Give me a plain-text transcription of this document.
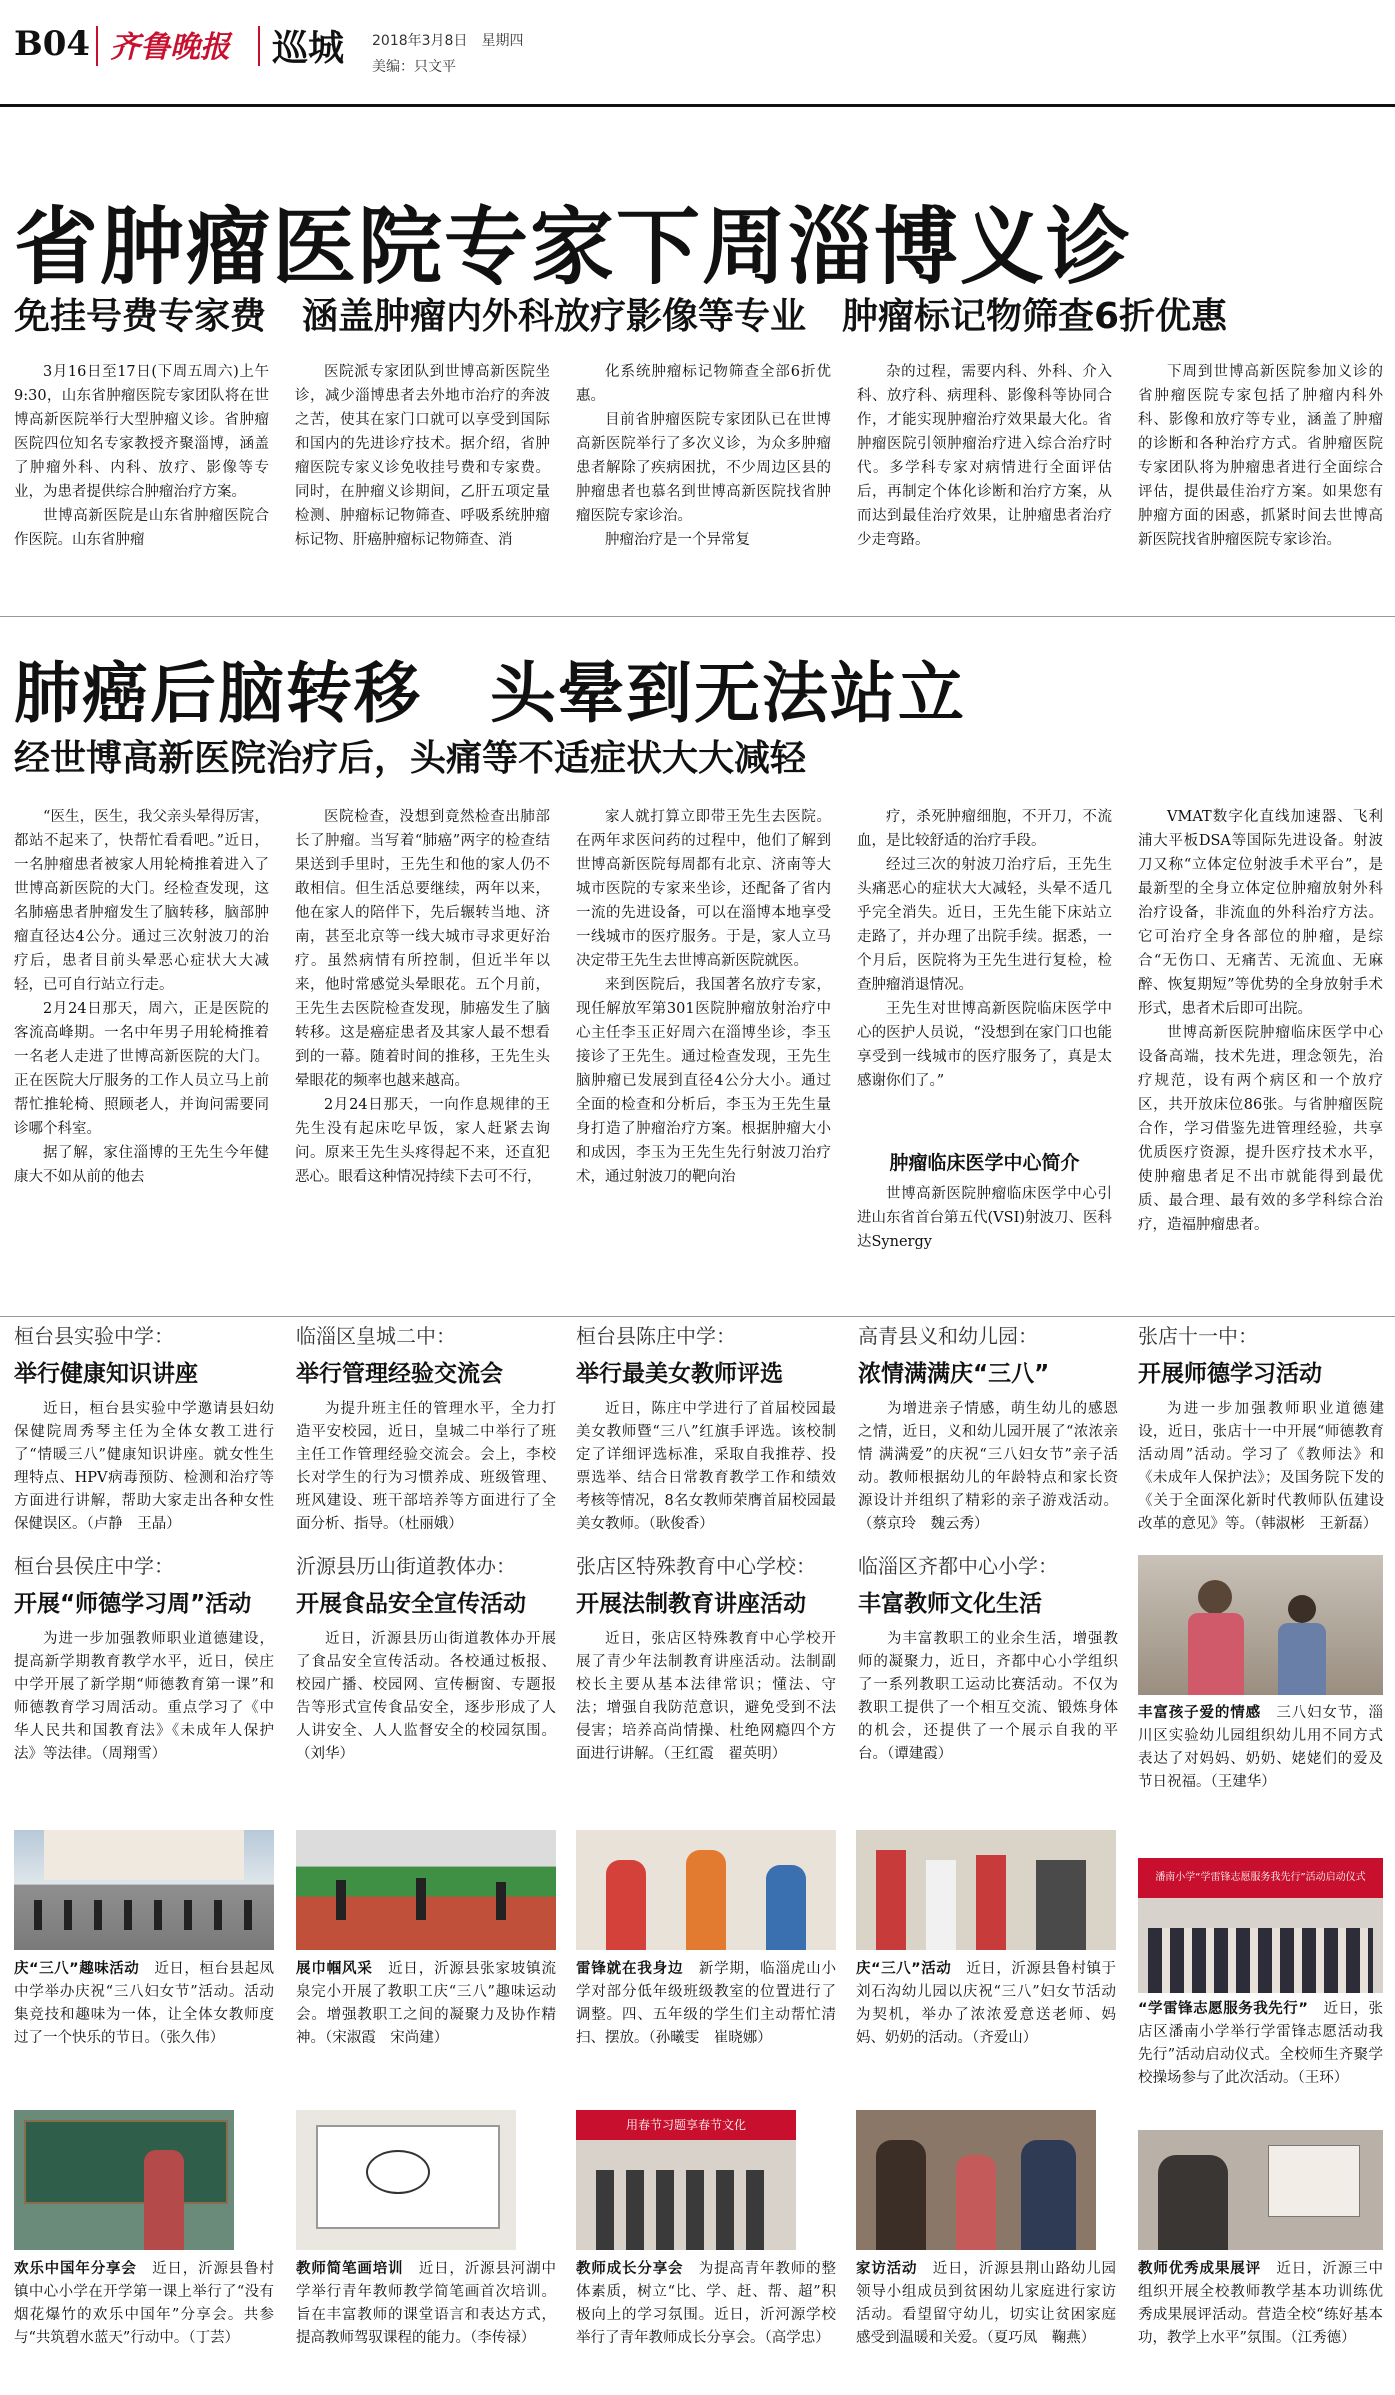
B04 齐鲁晚报 巡城 2018年3月8日　星期四
美编：只文平
省肿瘤医院专家下周淄博义诊
免挂号费专家费　涵盖肿瘤内外科放疗影像等专业　肿瘤标记物筛查6折优惠

3月16日至17日(下周五周六)上午9:30，山东省肿瘤医院专家团队将在世博高新医院举行大型肿瘤义诊。省肿瘤医院四位知名专家教授齐聚淄博，涵盖了肿瘤外科、内科、放疗、影像等专业，为患者提供综合肿瘤治疗方案。

世博高新医院是山东省肿瘤医院合作医院。山东省肿瘤

医院派专家团队到世博高新医院坐诊，减少淄博患者去外地市治疗的奔波之苦，使其在家门口就可以享受到国际和国内的先进诊疗技术。据介绍，省肿瘤医院专家义诊免收挂号费和专家费。同时，在肿瘤义诊期间，乙肝五项定量检测、肿瘤标记物筛查、呼吸系统肿瘤标记物、肝癌肿瘤标记物筛查、消

化系统肿瘤标记物筛查全部6折优惠。

目前省肿瘤医院专家团队已在世博高新医院举行了多次义诊，为众多肿瘤患者解除了疾病困扰，不少周边区县的肿瘤患者也慕名到世博高新医院找省肿瘤医院专家诊治。

肿瘤治疗是一个异常复

杂的过程，需要内科、外科、介入科、放疗科、病理科、影像科等协同合作，才能实现肿瘤治疗效果最大化。省肿瘤医院引领肿瘤治疗进入综合治疗时代。多学科专家对病情进行全面评估后，再制定个体化诊断和治疗方案，从而达到最佳治疗效果，让肿瘤患者治疗少走弯路。

下周到世博高新医院参加义诊的省肿瘤医院专家包括了肿瘤内科外科、影像和放疗等专业，涵盖了肿瘤的诊断和各种治疗方式。省肿瘤医院专家团队将为肿瘤患者进行全面综合评估，提供最佳治疗方案。如果您有肿瘤方面的困惑，抓紧时间去世博高新医院找省肿瘤医院专家诊治。

肺癌后脑转移　头晕到无法站立
经世博高新医院治疗后，头痛等不适症状大大减轻

“医生，医生，我父亲头晕得厉害，都站不起来了，快帮忙看看吧。”近日，一名肿瘤患者被家人用轮椅推着进入了世博高新医院的大门。经检查发现，这名肺癌患者肿瘤发生了脑转移，脑部肿瘤直径达4公分。通过三次射波刀的治疗后，患者目前头晕恶心症状大大减轻，已可自行站立行走。

2月24日那天，周六，正是医院的客流高峰期。一名中年男子用轮椅推着一名老人走进了世博高新医院的大门。正在医院大厅服务的工作人员立马上前帮忙推轮椅、照顾老人，并询问需要同诊哪个科室。

据了解，家住淄博的王先生今年健康大不如从前的他去

医院检查，没想到竟然检查出肺部长了肿瘤。当写着“肺癌”两字的检查结果送到手里时，王先生和他的家人仍不敢相信。但生活总要继续，两年以来，他在家人的陪伴下，先后辗转当地、济南，甚至北京等一线大城市寻求更好治疗。虽然病情有所控制，但近半年以来，他时常感觉头晕眼花。五个月前，王先生去医院检查发现，肺癌发生了脑转移。这是癌症患者及其家人最不想看到的一幕。随着时间的推移，王先生头晕眼花的频率也越来越高。

2月24日那天，一向作息规律的王先生没有起床吃早饭，家人赶紧去询问。原来王先生头疼得起不来，还直犯恶心。眼看这种情况持续下去可不行，

家人就打算立即带王先生去医院。在两年求医问药的过程中，他们了解到世博高新医院每周都有北京、济南等大城市医院的专家来坐诊，还配备了省内一流的先进设备，可以在淄博本地享受一线城市的医疗服务。于是，家人立马决定带王先生去世博高新医院就医。

来到医院后，我国著名放疗专家，现任解放军第301医院肿瘤放射治疗中心主任李玉正好周六在淄博坐诊，李玉接诊了王先生。通过检查发现，王先生脑肿瘤已发展到直径4公分大小。通过全面的检查和分析后，李玉为王先生量身打造了肿瘤治疗方案。根据肿瘤大小和成因，李玉为王先生先行射波刀治疗术，通过射波刀的靶向治

疗，杀死肿瘤细胞，不开刀，不流血，是比较舒适的治疗手段。

经过三次的射波刀治疗后，王先生头痛恶心的症状大大减轻，头晕不适几乎完全消失。近日，王先生能下床站立走路了，并办理了出院手续。据悉，一个月后，医院将为王先生进行复检，检查肿瘤消退情况。

王先生对世博高新医院临床医学中心的医护人员说，“没想到在家门口也能享受到一线城市的医疗服务了，真是太感谢你们了。”

肿瘤临床医学中心简介
世博高新医院肿瘤临床医学中心引进山东省首台第五代(VSI)射波刀、医科达Synergy

VMAT数字化直线加速器、飞利浦大平板DSA等国际先进设备。射波刀又称“立体定位射波手术平台”，是最新型的全身立体定位肿瘤放射外科治疗设备，非流血的外科治疗方法。它可治疗全身各部位的肿瘤，是综合“无伤口、无痛苦、无流血、无麻醉、恢复期短”等优势的全身放射手术形式，患者术后即可出院。

世博高新医院肿瘤临床医学中心设备高端，技术先进，理念领先，治疗规范，设有两个病区和一个放疗区，共开放床位86张。与省肿瘤医院合作，学习借鉴先进管理经验，共享优质医疗资源，提升医疗技术水平，使肿瘤患者足不出市就能得到最优质、最合理、最有效的多学科综合治疗，造福肿瘤患者。

桓台县实验中学：
举行健康知识讲座
近日，桓台县实验中学邀请县妇幼保健院周秀琴主任为全体女教工进行了“情暖三八”健康知识讲座。就女性生理特点、HPV病毒预防、检测和治疗等方面进行讲解，帮助大家走出各种女性保健误区。（卢静　王晶）
临淄区皇城二中：
举行管理经验交流会
为提升班主任的管理水平，全力打造平安校园，近日，皇城二中举行了班主任工作管理经验交流会。会上，李校长对学生的行为习惯养成、班级管理、班风建设、班干部培养等方面进行了全面分析、指导。（杜丽娥）
桓台县陈庄中学：
举行最美女教师评选
近日，陈庄中学进行了首届校园最美女教师暨“三八”红旗手评选。该校制定了详细评选标准，采取自我推荐、投票选举、结合日常教育教学工作和绩效考核等情况，8名女教师荣膺首届校园最美女教师。（耿俊香）
高青县义和幼儿园：
浓情满满庆“三八”
为增进亲子情感，萌生幼儿的感恩之情，近日，义和幼儿园开展了“浓浓亲情 满满爱”的庆祝“三八妇女节”亲子活动。教师根据幼儿的年龄特点和家长资源设计并组织了精彩的亲子游戏活动。（蔡京玲　魏云秀）
张店十一中：
开展师德学习活动
为进一步加强教师职业道德建设，近日，张店十一中开展“师德教育活动周”活动。学习了《教师法》和《未成年人保护法》；及国务院下发的《关于全面深化新时代教师队伍建设改革的意见》等。（韩淑彬　王新磊）
桓台县侯庄中学：
开展“师德学习周”活动
为进一步加强教师职业道德建设，提高新学期教育教学水平，近日，侯庄中学开展了新学期“师德教育第一课”和师德教育学习周活动。重点学习了《中华人民共和国教育法》《未成年人保护法》等法律。（周翔雪）
沂源县历山街道教体办：
开展食品安全宣传活动
近日，沂源县历山街道教体办开展了食品安全宣传活动。各校通过板报、校园广播、校园网、宣传橱窗、专题报告等形式宣传食品安全，逐步形成了人人讲安全、人人监督安全的校园氛围。（刘华）
张店区特殊教育中心学校：
开展法制教育讲座活动
近日，张店区特殊教育中心学校开展了青少年法制教育讲座活动。法制副校长主要从基本法律常识；懂法、守法；增强自我防范意识，避免受到不法侵害；培养高尚情操、杜绝网瘾四个方面进行讲解。（王红霞　翟英明）
临淄区齐都中心小学：
丰富教师文化生活
为丰富教职工的业余生活，增强教师的凝聚力，近日，齐都中心小学组织了一系列教职工运动比赛活动。不仅为教职工提供了一个相互交流、锻炼身体的机会，还提供了一个展示自我的平台。（谭建霞）
丰富孩子爱的情感　 三八妇女节，淄川区实验幼儿园组织幼儿用不同方式表达了对妈妈、奶奶、姥姥们的爱及节日祝福。（王建华）
潘南小学“学雷锋志愿服务我先行”活动启动仪式
“学雷锋志愿服务我先行”　 近日，张店区潘南小学举行学雷锋志愿活动我先行”活动启动仪式。全校师生齐聚学校操场参与了此次活动。（王环）
庆“三八”趣味活动　 近日，桓台县起凤中学举办庆祝“三八妇女节”活动。活动集竞技和趣味为一体，让全体女教师度过了一个快乐的节日。（张久伟）
展巾帼风采　 近日，沂源县张家坡镇流泉完小开展了教职工庆“三八”趣味运动会。增强教职工之间的凝聚力及协作精神。（宋淑霞　宋尚建）
雷锋就在我身边　 新学期，临淄虎山小学对部分低年级班级教室的位置进行了调整。四、五年级的学生们主动帮忙清扫、摆放。（孙曦雯　崔晓娜）
庆“三八”活动　 近日，沂源县鲁村镇于刘石沟幼儿园以庆祝“三八”妇女节活动为契机，举办了浓浓爱意送老师、妈妈、奶奶的活动。（齐爱山）
欢乐中国年分享会　 近日，沂源县鲁村镇中心小学在开学第一课上举行了“没有烟花爆竹的欢乐中国年”分享会。共参与“共筑碧水蓝天”行动中。（丁芸）
教师简笔画培训　 近日，沂源县河湖中学举行青年教师教学简笔画首次培训。旨在丰富教师的课堂语言和表达方式，提高教师驾驭课程的能力。（李传禄）
用春节习题享春节文化
教师成长分享会　 为提高青年教师的整体素质，树立“比、学、赶、帮、超”积极向上的学习氛围。近日，沂河源学校举行了青年教师成长分享会。（高学忠）
家访活动　 近日，沂源县荆山路幼儿园领导小组成员到贫困幼儿家庭进行家访活动。看望留守幼儿，切实让贫困家庭感受到温暖和关爱。（夏巧凤　鞠燕）
教师优秀成果展评　 近日，沂源三中组织开展全校教师教学基本功训练优秀成果展评活动。营造全校“练好基本功，教学上水平”氛围。（江秀德）
